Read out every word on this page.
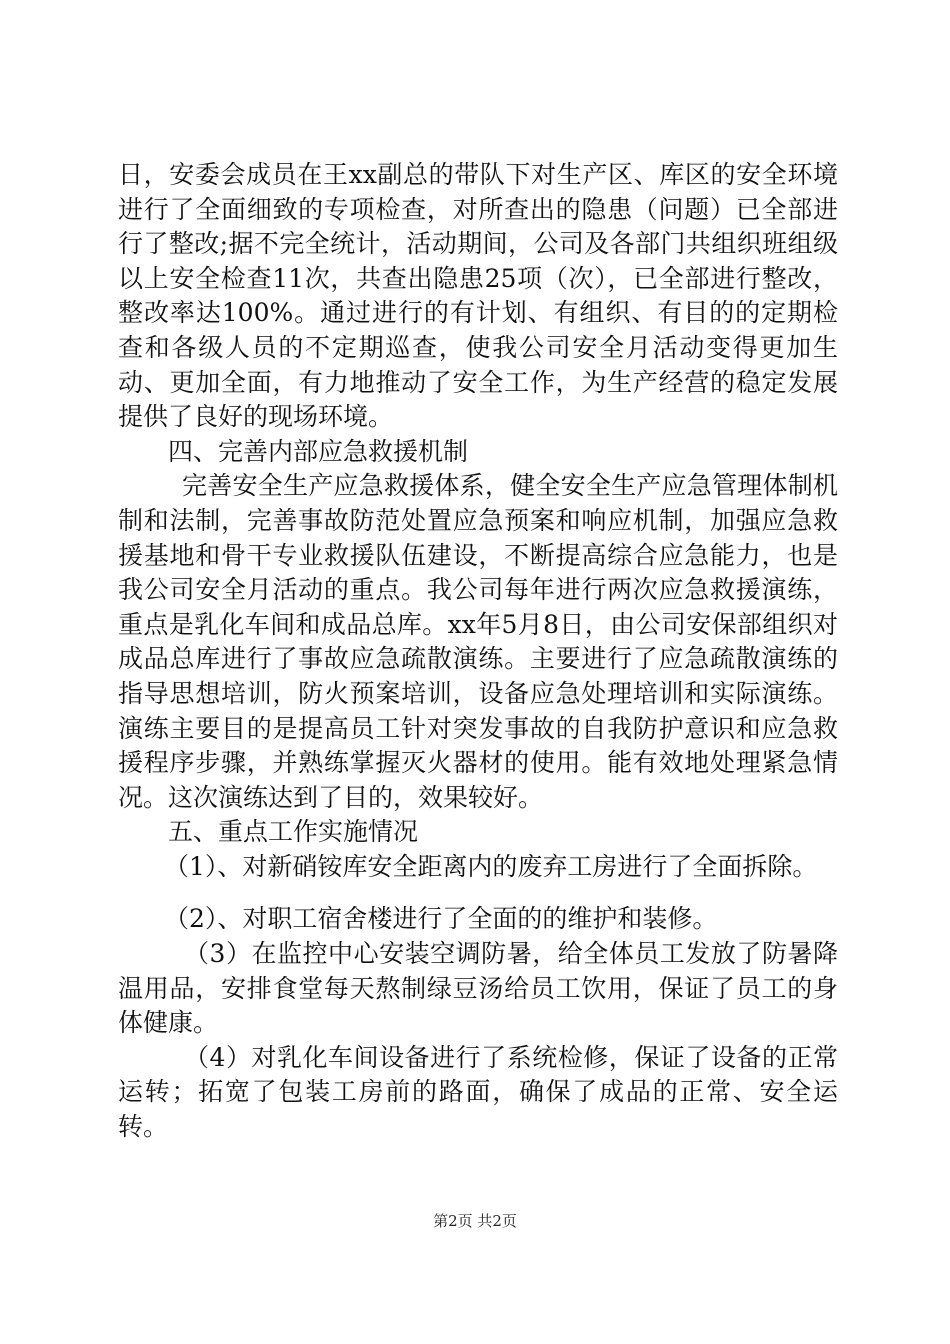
日，安委会成员在王xx副总的带队下对生产区、库区的安全环境进行了全面细致的专项检查，对所查出的隐患（问题）已全部进行了整改;据不完全统计，活动期间，公司及各部门共组织班组级以上安全检查11次，共查出隐患25项（次），已全部进行整改，整改率达100%。通过进行的有计划、有组织、有目的的定期检查和各级人员的不定期巡查，使我公司安全月活动变得更加生动、更加全面，有力地推动了安全工作，为生产经营的稳定发展提供了良好的现场环境。

四、完善内部应急救援机制

完善安全生产应急救援体系，健全安全生产应急管理体制机制和法制，完善事故防范处置应急预案和响应机制，加强应急救援基地和骨干专业救援队伍建设，不断提高综合应急能力，也是我公司安全月活动的重点。我公司每年进行两次应急救援演练，重点是乳化车间和成品总库。xx年5月8日，由公司安保部组织对成品总库进行了事故应急疏散演练。主要进行了应急疏散演练的指导思想培训，防火预案培训，设备应急处理培训和实际演练。演练主要目的是提高员工针对突发事故的自我防护意识和应急救援程序步骤，并熟练掌握灭火器材的使用。能有效地处理紧急情况。这次演练达到了目的，效果较好。

五、重点工作实施情况

（1）、对新硝铵库安全距离内的废弃工房进行了全面拆除。

（2）、对职工宿舍楼进行了全面的的维护和装修。

（3）在监控中心安装空调防暑，给全体员工发放了防暑降温用品，安排食堂每天熬制绿豆汤给员工饮用，保证了员工的身体健康。

（4）对乳化车间设备进行了系统检修，保证了设备的正常运转；拓宽了包装工房前的路面，确保了成品的正常、安全运转。

第2页 共2页
